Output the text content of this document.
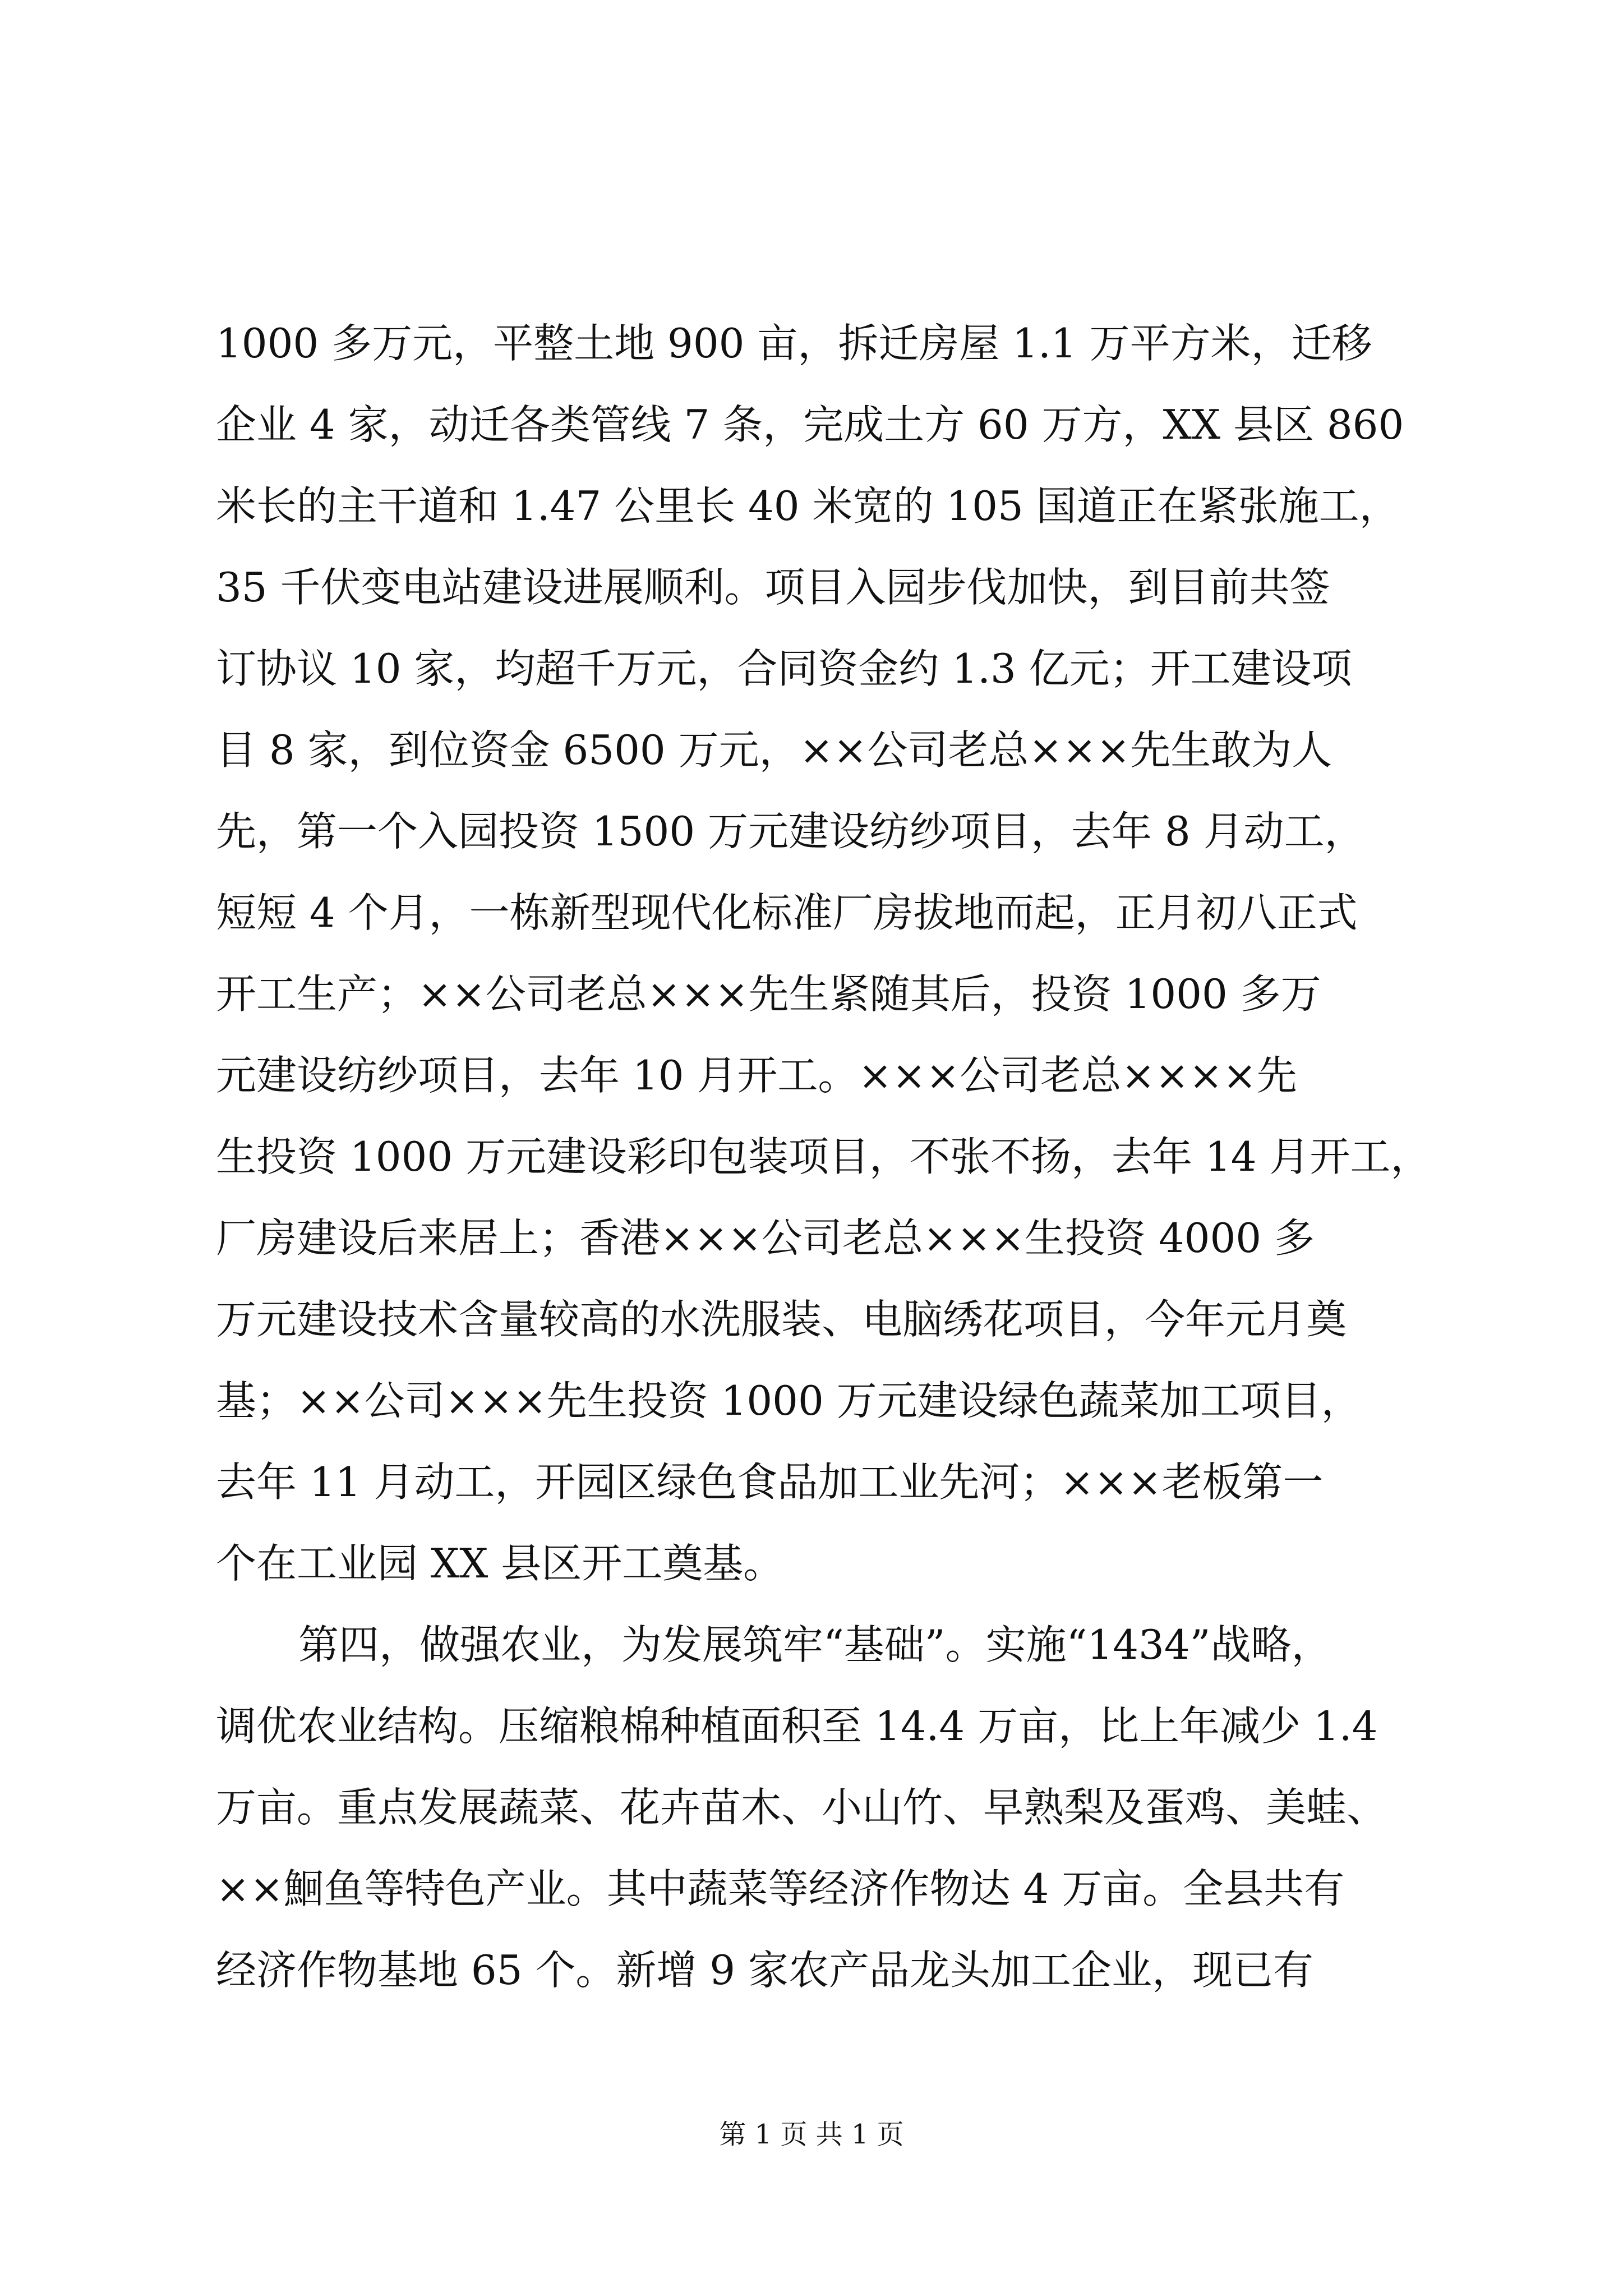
1000 多万元，平整土地 900 亩，拆迁房屋 1.1 万平方米，迁移
企业 4 家，动迁各类管线 7 条，完成土方 60 万方，XX 县区 860
米长的主干道和 1.47 公里长 40 米宽的 105 国道正在紧张施工，
35 千伏变电站建设进展顺利。项目入园步伐加快，到目前共签
订协议 10 家，均超千万元，合同资金约 1.3 亿元；开工建设项
目 8 家，到位资金 6500 万元，××公司老总×××先生敢为人
先，第一个入园投资 1500 万元建设纺纱项目，去年 8 月动工，
短短 4 个月，一栋新型现代化标准厂房拔地而起，正月初八正式
开工生产；××公司老总×××先生紧随其后，投资 1000 多万
元建设纺纱项目，去年 10 月开工。×××公司老总××××先
生投资 1000 万元建设彩印包装项目，不张不扬，去年 14 月开工，
厂房建设后来居上；香港×××公司老总×××生投资 4000 多
万元建设技术含量较高的水洗服装、电脑绣花项目，今年元月奠
基；××公司×××先生投资 1000 万元建设绿色蔬菜加工项目，
去年 11 月动工，开园区绿色食品加工业先河；×××老板第一
个在工业园 XX 县区开工奠基。
第四，做强农业，为发展筑牢“基础”。实施“1434”战略，
调优农业结构。压缩粮棉种植面积至 14.4 万亩，比上年减少 1.4
万亩。重点发展蔬菜、花卉苗木、小山竹、早熟梨及蛋鸡、美蛙、
××鮰鱼等特色产业。其中蔬菜等经济作物达 4 万亩。全县共有
经济作物基地 65 个。新增 9 家农产品龙头加工企业，现已有
第 1 页 共 1 页
